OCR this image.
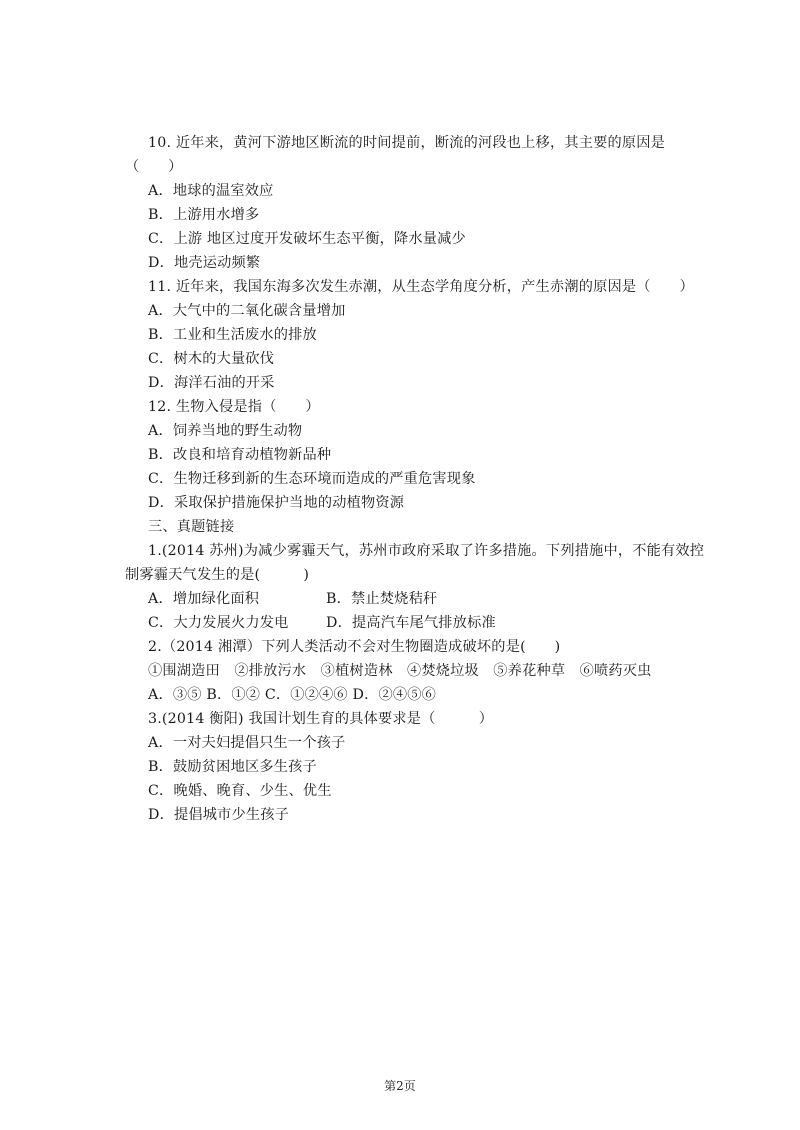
10. 近年来，黄河下游地区断流的时间提前，断流的河段也上移，其主要的原因是
（　　）
A．地球的温室效应
B．上游用水增多
C．上游 地区过度开发破坏生态平衡，降水量减少
D．地壳运动频繁
11. 近年来，我国东海多次发生赤潮，从生态学角度分析，产生赤潮的原因是（　　）
A．大气中的二氧化碳含量增加
B．工业和生活废水的排放
C．树木的大量砍伐
D．海洋石油的开采
12. 生物入侵是指（　　）
A．饲养当地的野生动物
B．改良和培育动植物新品种
C．生物迁移到新的生态环境而造成的严重危害现象
D．采取保护措施保护当地的动植物资源
三、真题链接
1.(2014 苏州)为减少雾霾天气，苏州市政府采取了许多措施。下列措施中，不能有效控
制雾霾天气发生的是(　　　)
A．增加绿化面积	B．禁止焚烧秸秆
C．大力发展火力发电	D．提高汽车尾气排放标准
2.（2014 湘潭）下列人类活动不会对生物圈造成破坏的是(　　)
①围湖造田　②排放污水　③植树造林　④焚烧垃圾　⑤养花种草　⑥喷药灭虫
A．③⑤ B．①② C．①②④⑥ D．②④⑤⑥
3.(2014 衡阳) 我国计划生育的具体要求是（　　　）
A．一对夫妇提倡只生一个孩子
B．鼓励贫困地区多生孩子
C．晚婚、晚育、少生、优生
D．提倡城市少生孩子
第2页
